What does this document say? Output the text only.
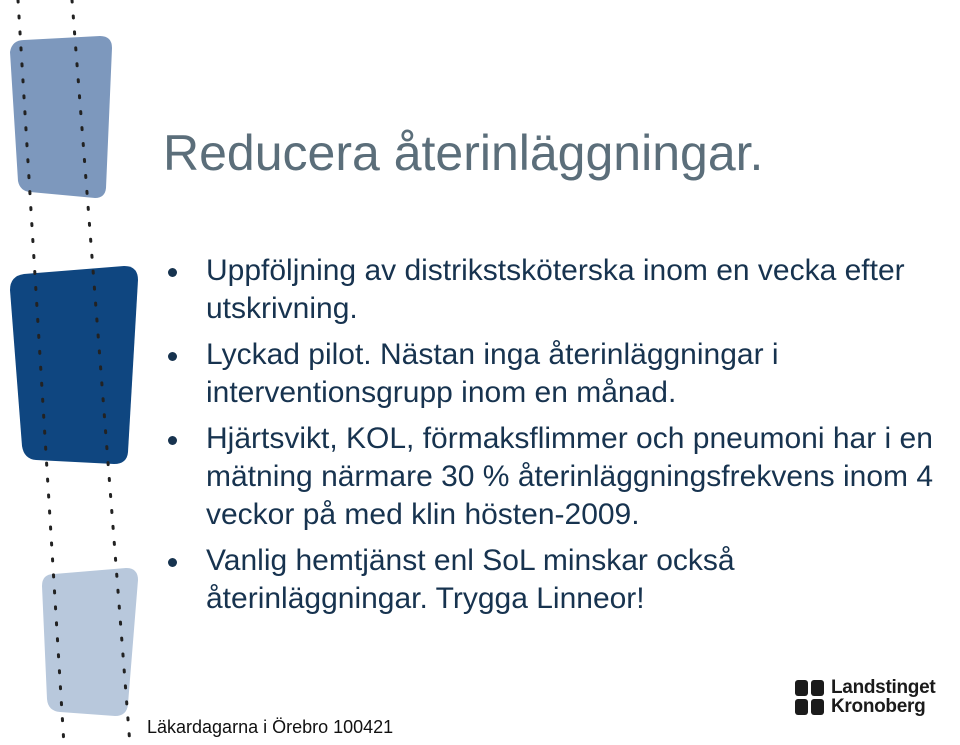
Reducera återinläggningar.
Uppföljning av distrikstsköterska inom en vecka efter utskrivning.
Lyckad pilot. Nästan inga återinläggningar i interventionsgrupp inom en månad.
Hjärtsvikt, KOL, förmaksflimmer och pneumoni har i en mätning närmare 30 % återinläggningsfrekvens inom 4 veckor på med klin hösten-2009.
Vanlig hemtjänst enl SoL minskar också återinläggningar. Trygga Linneor!
Läkardagarna i Örebro 100421
Landstinget
Kronoberg
